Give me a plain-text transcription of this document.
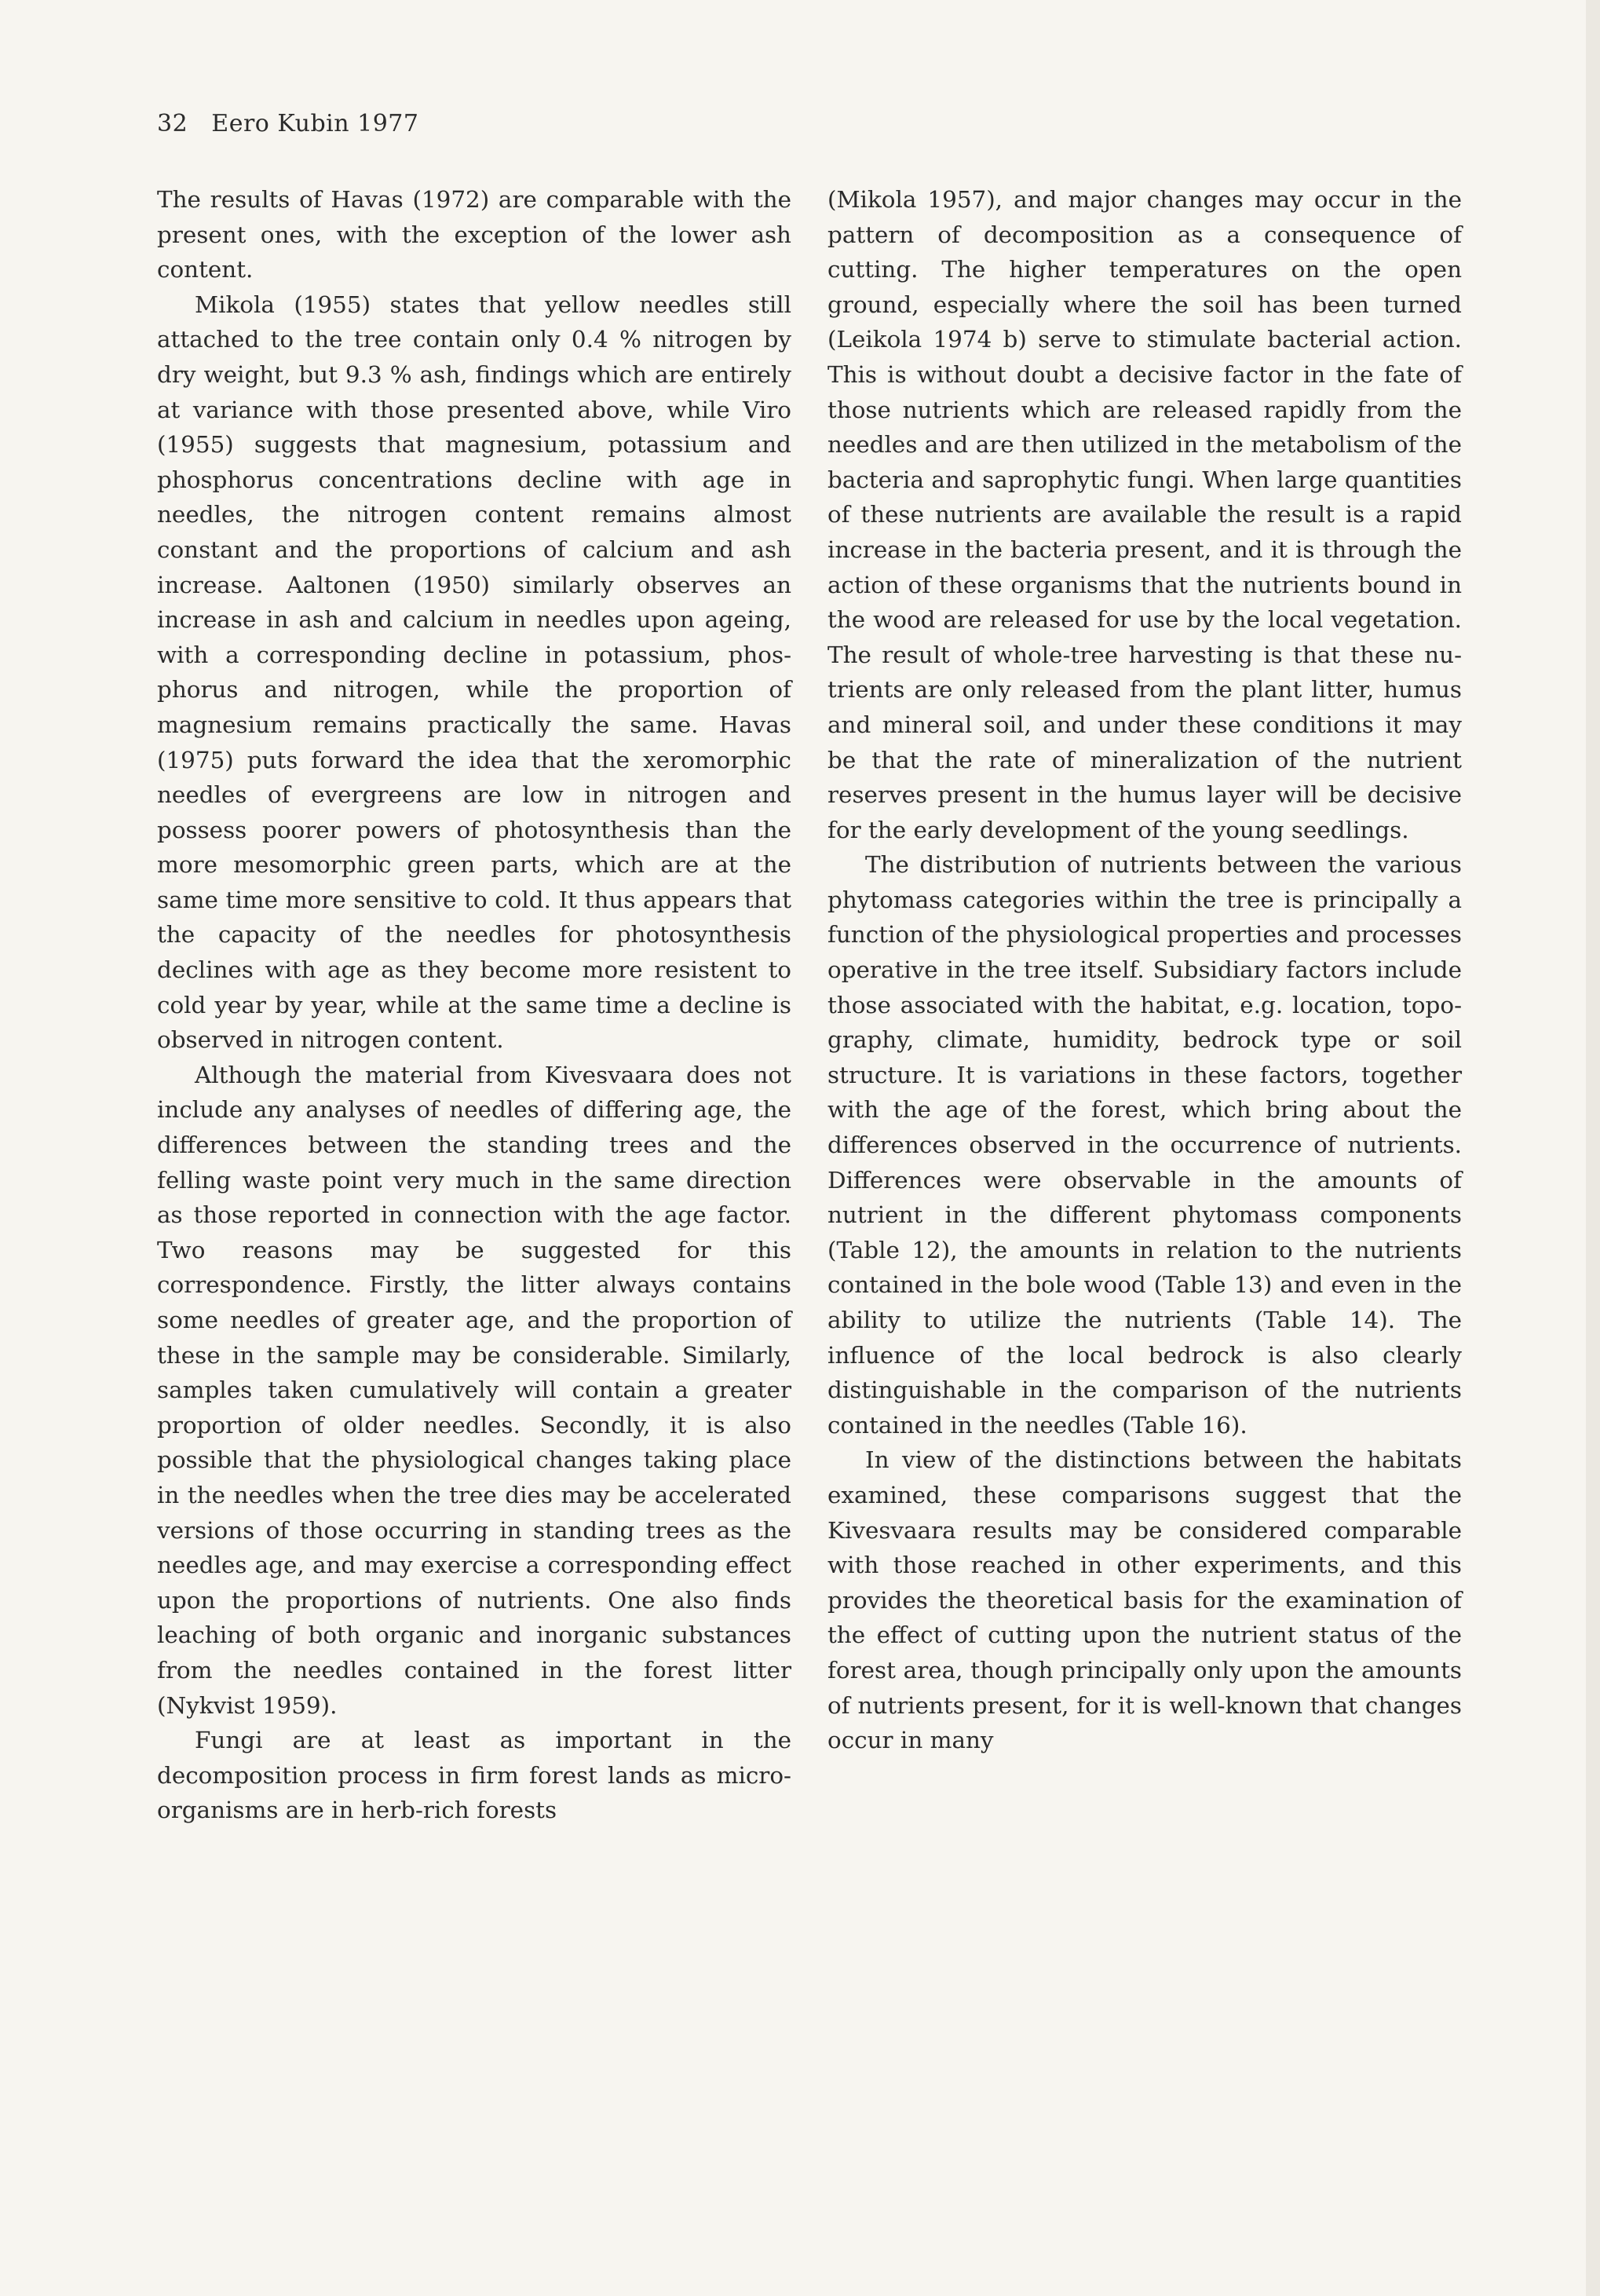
32 Eero Kubin 1977

The results of Havas (1972) are comparable with the present ones, with the exception of the lower ash content.

Mikola (1955) states that yellow needles still attached to the tree contain only 0.4 % nitrogen by dry weight, but 9.3 % ash, findings which are entirely at variance with those presented above, while Viro (1955) suggests that magnesium, potassium and phosphorus concentrations decline with age in needles, the nitrogen content remains almost constant and the proportions of calcium and ash increase. Aaltonen (1950) similarly observes an increase in ash and calcium in needles upon ageing, with a corresponding decline in potassium, phosphorus and nitrogen, while the proportion of magnesium remains practically the same. Havas (1975) puts forward the idea that the xeromorphic needles of evergreens are low in nitrogen and possess poorer powers of photosynthesis than the more mesomorphic green parts, which are at the same time more sensitive to cold. It thus appears that the capacity of the needles for photosynthesis declines with age as they become more resistent to cold year by year, while at the same time a decline is observed in nitrogen content.

Although the material from Kivesvaara does not include any analyses of needles of differing age, the differences between the standing trees and the felling waste point very much in the same direction as those reported in connection with the age factor. Two reasons may be suggested for this correspondence. Firstly, the litter always contains some needles of greater age, and the proportion of these in the sample may be considerable. Similarly, samples taken cumulatively will contain a greater proportion of older needles. Secondly, it is also possible that the physiological changes taking place in the needles when the tree dies may be accelerated versions of those occurring in standing trees as the needles age, and may exercise a corresponding effect upon the proportions of nutrients. One also finds leaching of both organic and inorganic substances from the needles contained in the forest litter (Nykvist 1959).

Fungi are at least as important in the decomposition process in firm forest lands as micro-organisms are in herb-rich forests

(Mikola 1957), and major changes may occur in the pattern of decomposition as a consequence of cutting. The higher temperatures on the open ground, especially where the soil has been turned (Leikola 1974 b) serve to stimulate bacterial action. This is without doubt a decisive factor in the fate of those nutrients which are released rapidly from the needles and are then utilized in the metabolism of the bacteria and saprophytic fungi. When large quantities of these nutrients are available the result is a rapid increase in the bacteria present, and it is through the action of these organisms that the nutrients bound in the wood are released for use by the local vegetation. The result of whole-tree harvesting is that these nutrients are only released from the plant litter, humus and mineral soil, and under these conditions it may be that the rate of mineralization of the nutrient reserves present in the humus layer will be decisive for the early development of the young seedlings.

The distribution of nutrients between the various phytomass categories within the tree is principally a function of the physiological properties and processes operative in the tree itself. Subsidiary factors include those associated with the habitat, e.g. location, topography, climate, humidity, bedrock type or soil structure. It is variations in these factors, together with the age of the forest, which bring about the differences observed in the occurrence of nutrients. Differences were observable in the amounts of nutrient in the different phytomass components (Table 12), the amounts in relation to the nutrients contained in the bole wood (Table 13) and even in the ability to utilize the nutrients (Table 14). The influence of the local bedrock is also clearly distinguishable in the comparison of the nutrients contained in the needles (Table 16).

In view of the distinctions between the habitats examined, these comparisons suggest that the Kivesvaara results may be considered comparable with those reached in other experiments, and this provides the theoretical basis for the examination of the effect of cutting upon the nutrient status of the forest area, though principally only upon the amounts of nutrients present, for it is well-known that changes occur in many
